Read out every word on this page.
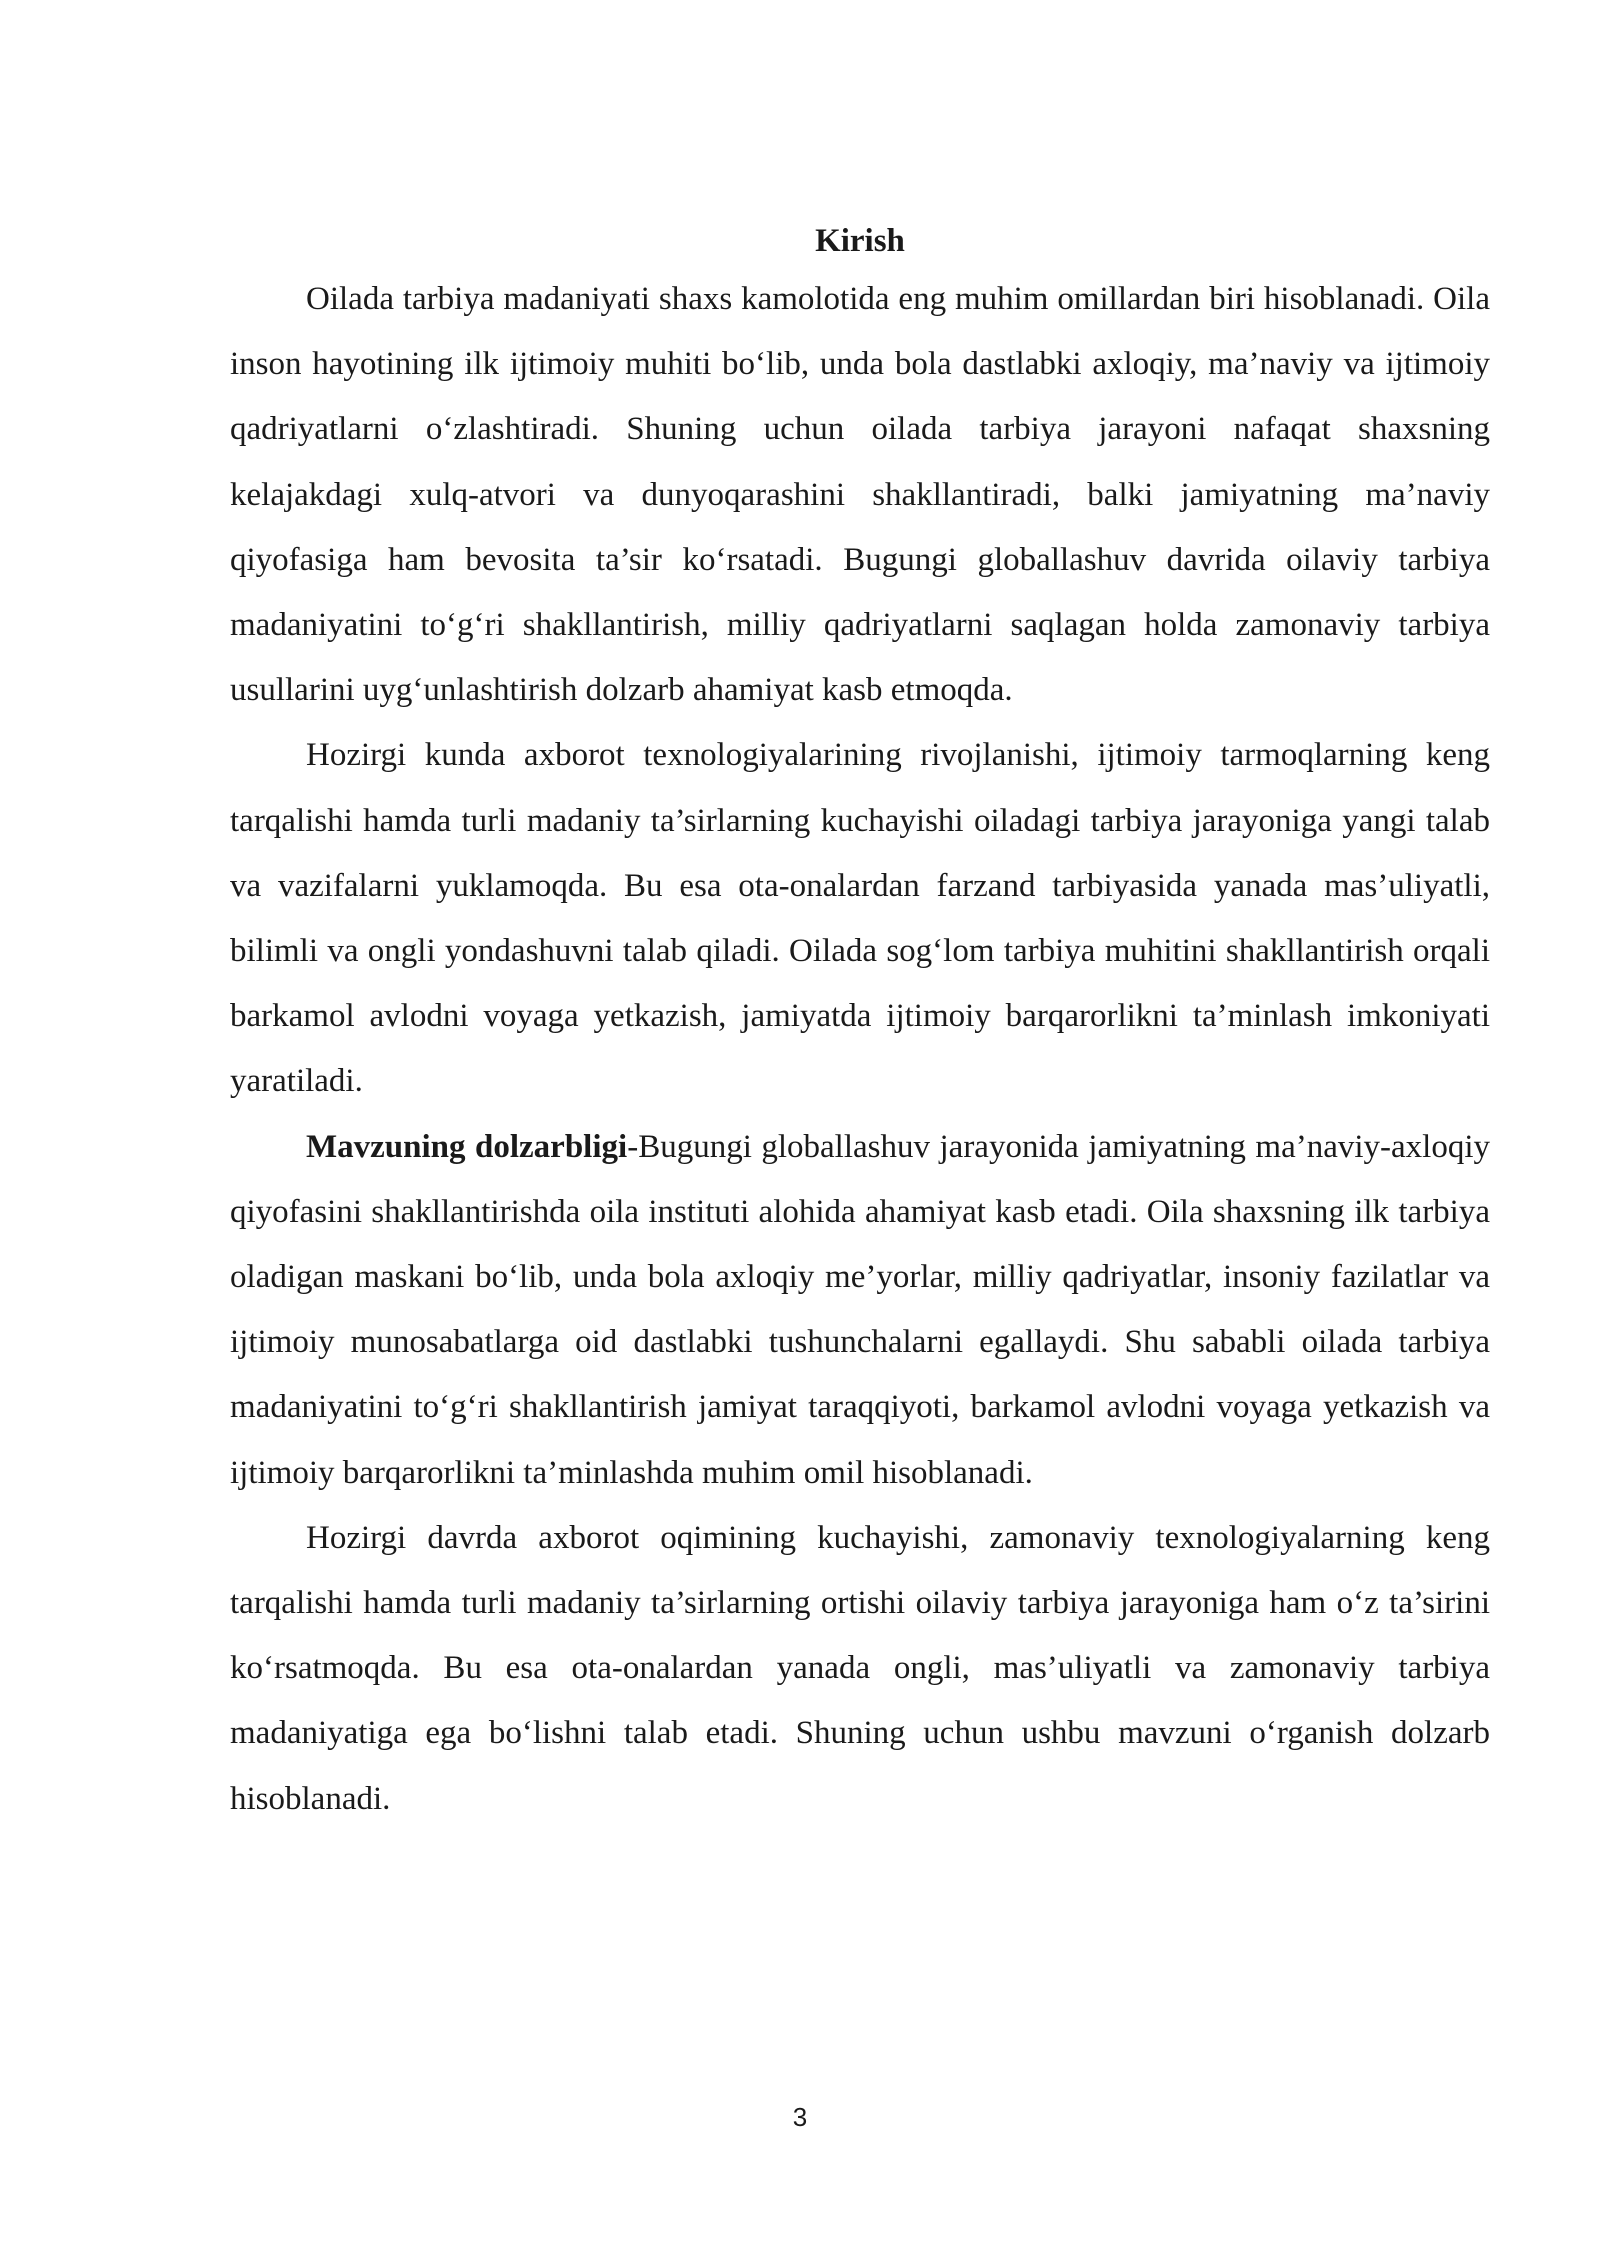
Kirish

Oilada tarbiya madaniyati shaxs kamolotida eng muhim omillardan biri hisoblanadi. Oila inson hayotining ilk ijtimoiy muhiti bo‘lib, unda bola dastlabki axloqiy, ma’naviy va ijtimoiy qadriyatlarni o‘zlashtiradi. Shuning uchun oilada tarbiya jarayoni nafaqat shaxsning kelajakdagi xulq-atvori va dunyoqarashini shakllantiradi, balki jamiyatning ma’naviy qiyofasiga ham bevosita ta’sir ko‘rsatadi. Bugungi globallashuv davrida oilaviy tarbiya madaniyatini to‘g‘ri shakllantirish, milliy qadriyatlarni saqlagan holda zamonaviy tarbiya usullarini uyg‘unlashtirish dolzarb ahamiyat kasb etmoqda.

Hozirgi kunda axborot texnologiyalarining rivojlanishi, ijtimoiy tarmoqlarning keng tarqalishi hamda turli madaniy ta’sirlarning kuchayishi oiladagi tarbiya jarayoniga yangi talab va vazifalarni yuklamoqda. Bu esa ota-onalardan farzand tarbiyasida yanada mas’uliyatli, bilimli va ongli yondashuvni talab qiladi. Oilada sog‘lom tarbiya muhitini shakllantirish orqali barkamol avlodni voyaga yetkazish, jamiyatda ijtimoiy barqarorlikni ta’minlash imkoniyati yaratiladi.

Mavzuning dolzarbligi-Bugungi globallashuv jarayonida jamiyatning ma’naviy-axloqiy qiyofasini shakllantirishda oila instituti alohida ahamiyat kasb etadi. Oila shaxsning ilk tarbiya oladigan maskani bo‘lib, unda bola axloqiy me’yorlar, milliy qadriyatlar, insoniy fazilatlar va ijtimoiy munosabatlarga oid dastlabki tushunchalarni egallaydi. Shu sababli oilada tarbiya madaniyatini to‘g‘ri shakllantirish jamiyat taraqqiyoti, barkamol avlodni voyaga yetkazish va ijtimoiy barqarorlikni ta’minlashda muhim omil hisoblanadi.

Hozirgi davrda axborot oqimining kuchayishi, zamonaviy texnologiyalarning keng tarqalishi hamda turli madaniy ta’sirlarning ortishi oilaviy tarbiya jarayoniga ham o‘z ta’sirini ko‘rsatmoqda. Bu esa ota-onalardan yanada ongli, mas’uliyatli va zamonaviy tarbiya madaniyatiga ega bo‘lishni talab etadi. Shuning uchun ushbu mavzuni o‘rganish dolzarb hisoblanadi.

3
